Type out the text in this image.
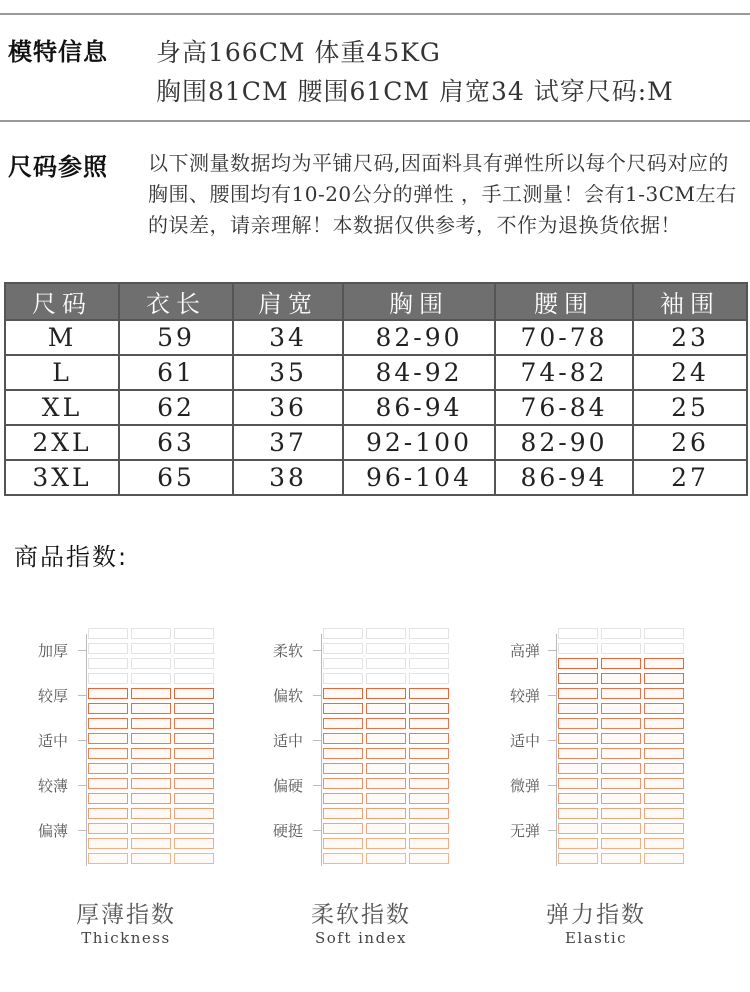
模特信息 身高166CM 体重45KG
胸围81CM 腰围61CM 肩宽34 试穿尺码:M
尺码参照 以下测量数据均为平铺尺码,因面料具有弹性所以每个尺码对应的胸围、腰围均有10-20公分的弹性 ，手工测量！会有1-3CM左右的误差，请亲理解！本数据仅供参考，不作为退换货依据！
尺码	衣长	肩宽	胸围	腰围	袖围
M	59	34	82-90	70-78	23
L	61	35	84-92	74-82	24
XL	62	36	86-94	76-84	25
2XL	63	37	92-100	82-90	26
3XL	65	38	96-104	86-94	27
商品指数:
加厚
较厚
适中
较薄
偏薄
厚薄指数
Thickness
柔软
偏软
适中
偏硬
硬挺
柔软指数
Soft index
高弹
较弹
适中
微弹
无弹
弹力指数
Elastic
